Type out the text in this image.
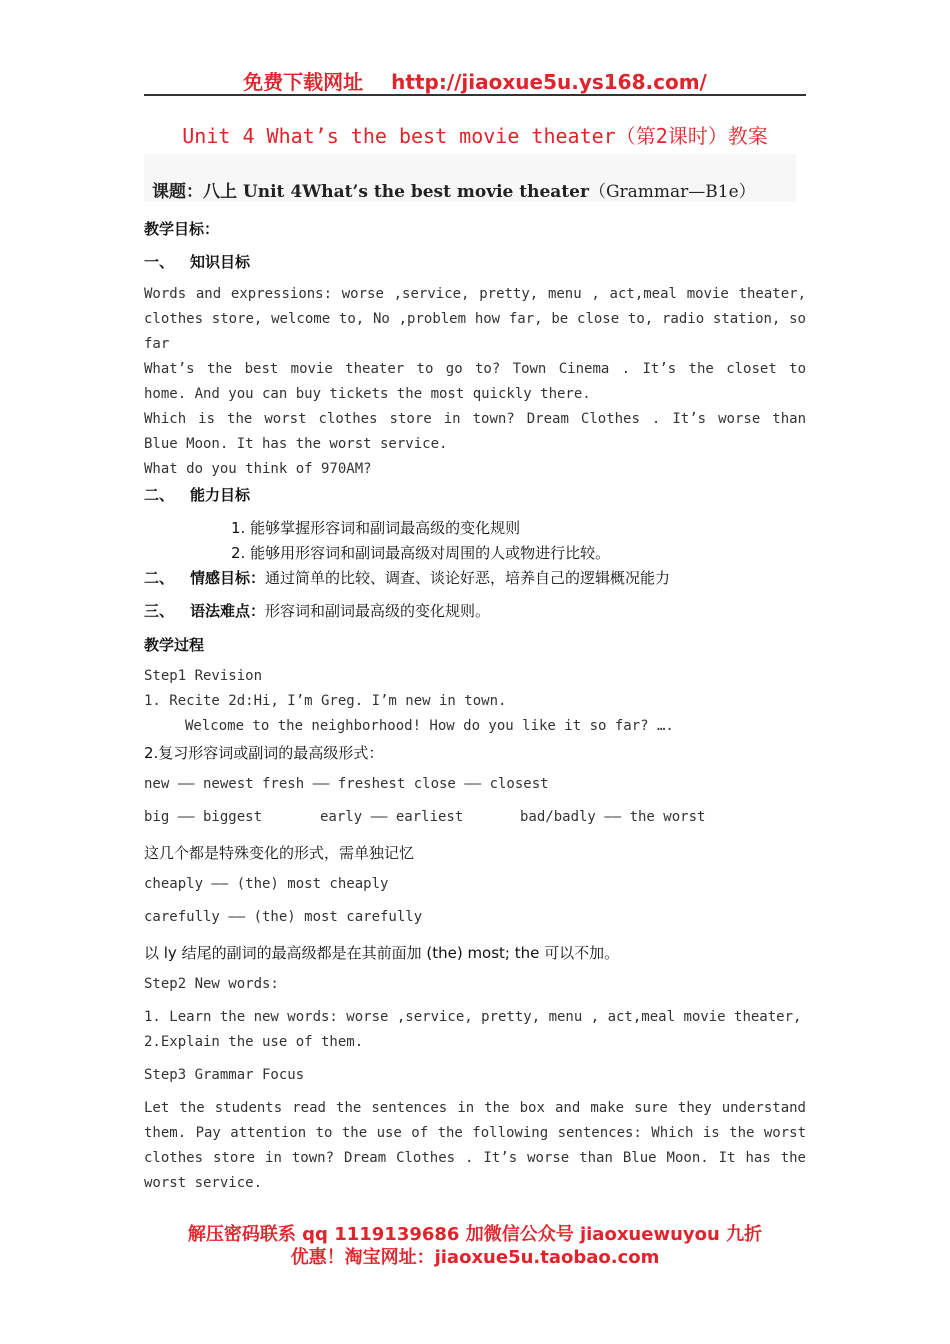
免费下载网址 http://jiaoxue5u.ys168.com/
Unit 4 What’s the best movie theater（第2课时）教案
课题：八上 Unit 4What’s the best movie theater（Grammar—B1e）
教学目标：
一、 知识目标
Words and expressions: worse ,service, pretty, menu , act,meal movie theater,
clothes store, welcome to, No ,problem how far, be close to, radio station, so
far
What’s the best movie theater to go to? Town Cinema . It’s the closet to
home. And you can buy tickets the most quickly there.
Which is the worst clothes store in town? Dream Clothes . It’s worse than
Blue Moon. It has the worst service.
What do you think of 970AM?
二、 能力目标
1. 能够掌握形容词和副词最高级的变化规则
2. 能够用形容词和副词最高级对周围的人或物进行比较。
二、 情感目标：通过简单的比较、调查、谈论好恶，培养自己的逻辑概况能力
三、 语法难点：形容词和副词最高级的变化规则。
教学过程
Step1 Revision
1. Recite 2d:Hi, I’m Greg. I’m new in town.
Welcome to the neighborhood! How do you like it so far? ….
2.复习形容词或副词的最高级形式：
new —— newest fresh —— freshest close —— closest
big —— biggest	early —— earliest	bad/badly —— the worst
这几个都是特殊变化的形式，需单独记忆
cheaply —— (the) most cheaply
carefully —— (the) most carefully
以 ly 结尾的副词的最高级都是在其前面加 (the) most; the 可以不加。
Step2 New words:
1. Learn the new words: worse ,service, pretty, menu , act,meal movie theater,
2.Explain the use of them.
Step3 Grammar Focus
Let the students read the sentences in the box and make sure they understand
them. Pay attention to the use of the following sentences: Which is the worst
clothes store in town? Dream Clothes . It’s worse than Blue Moon. It has the
worst service.
解压密码联系 qq 1119139686 加微信公众号 jiaoxuewuyou 九折
优惠！淘宝网址：jiaoxue5u.taobao.com
